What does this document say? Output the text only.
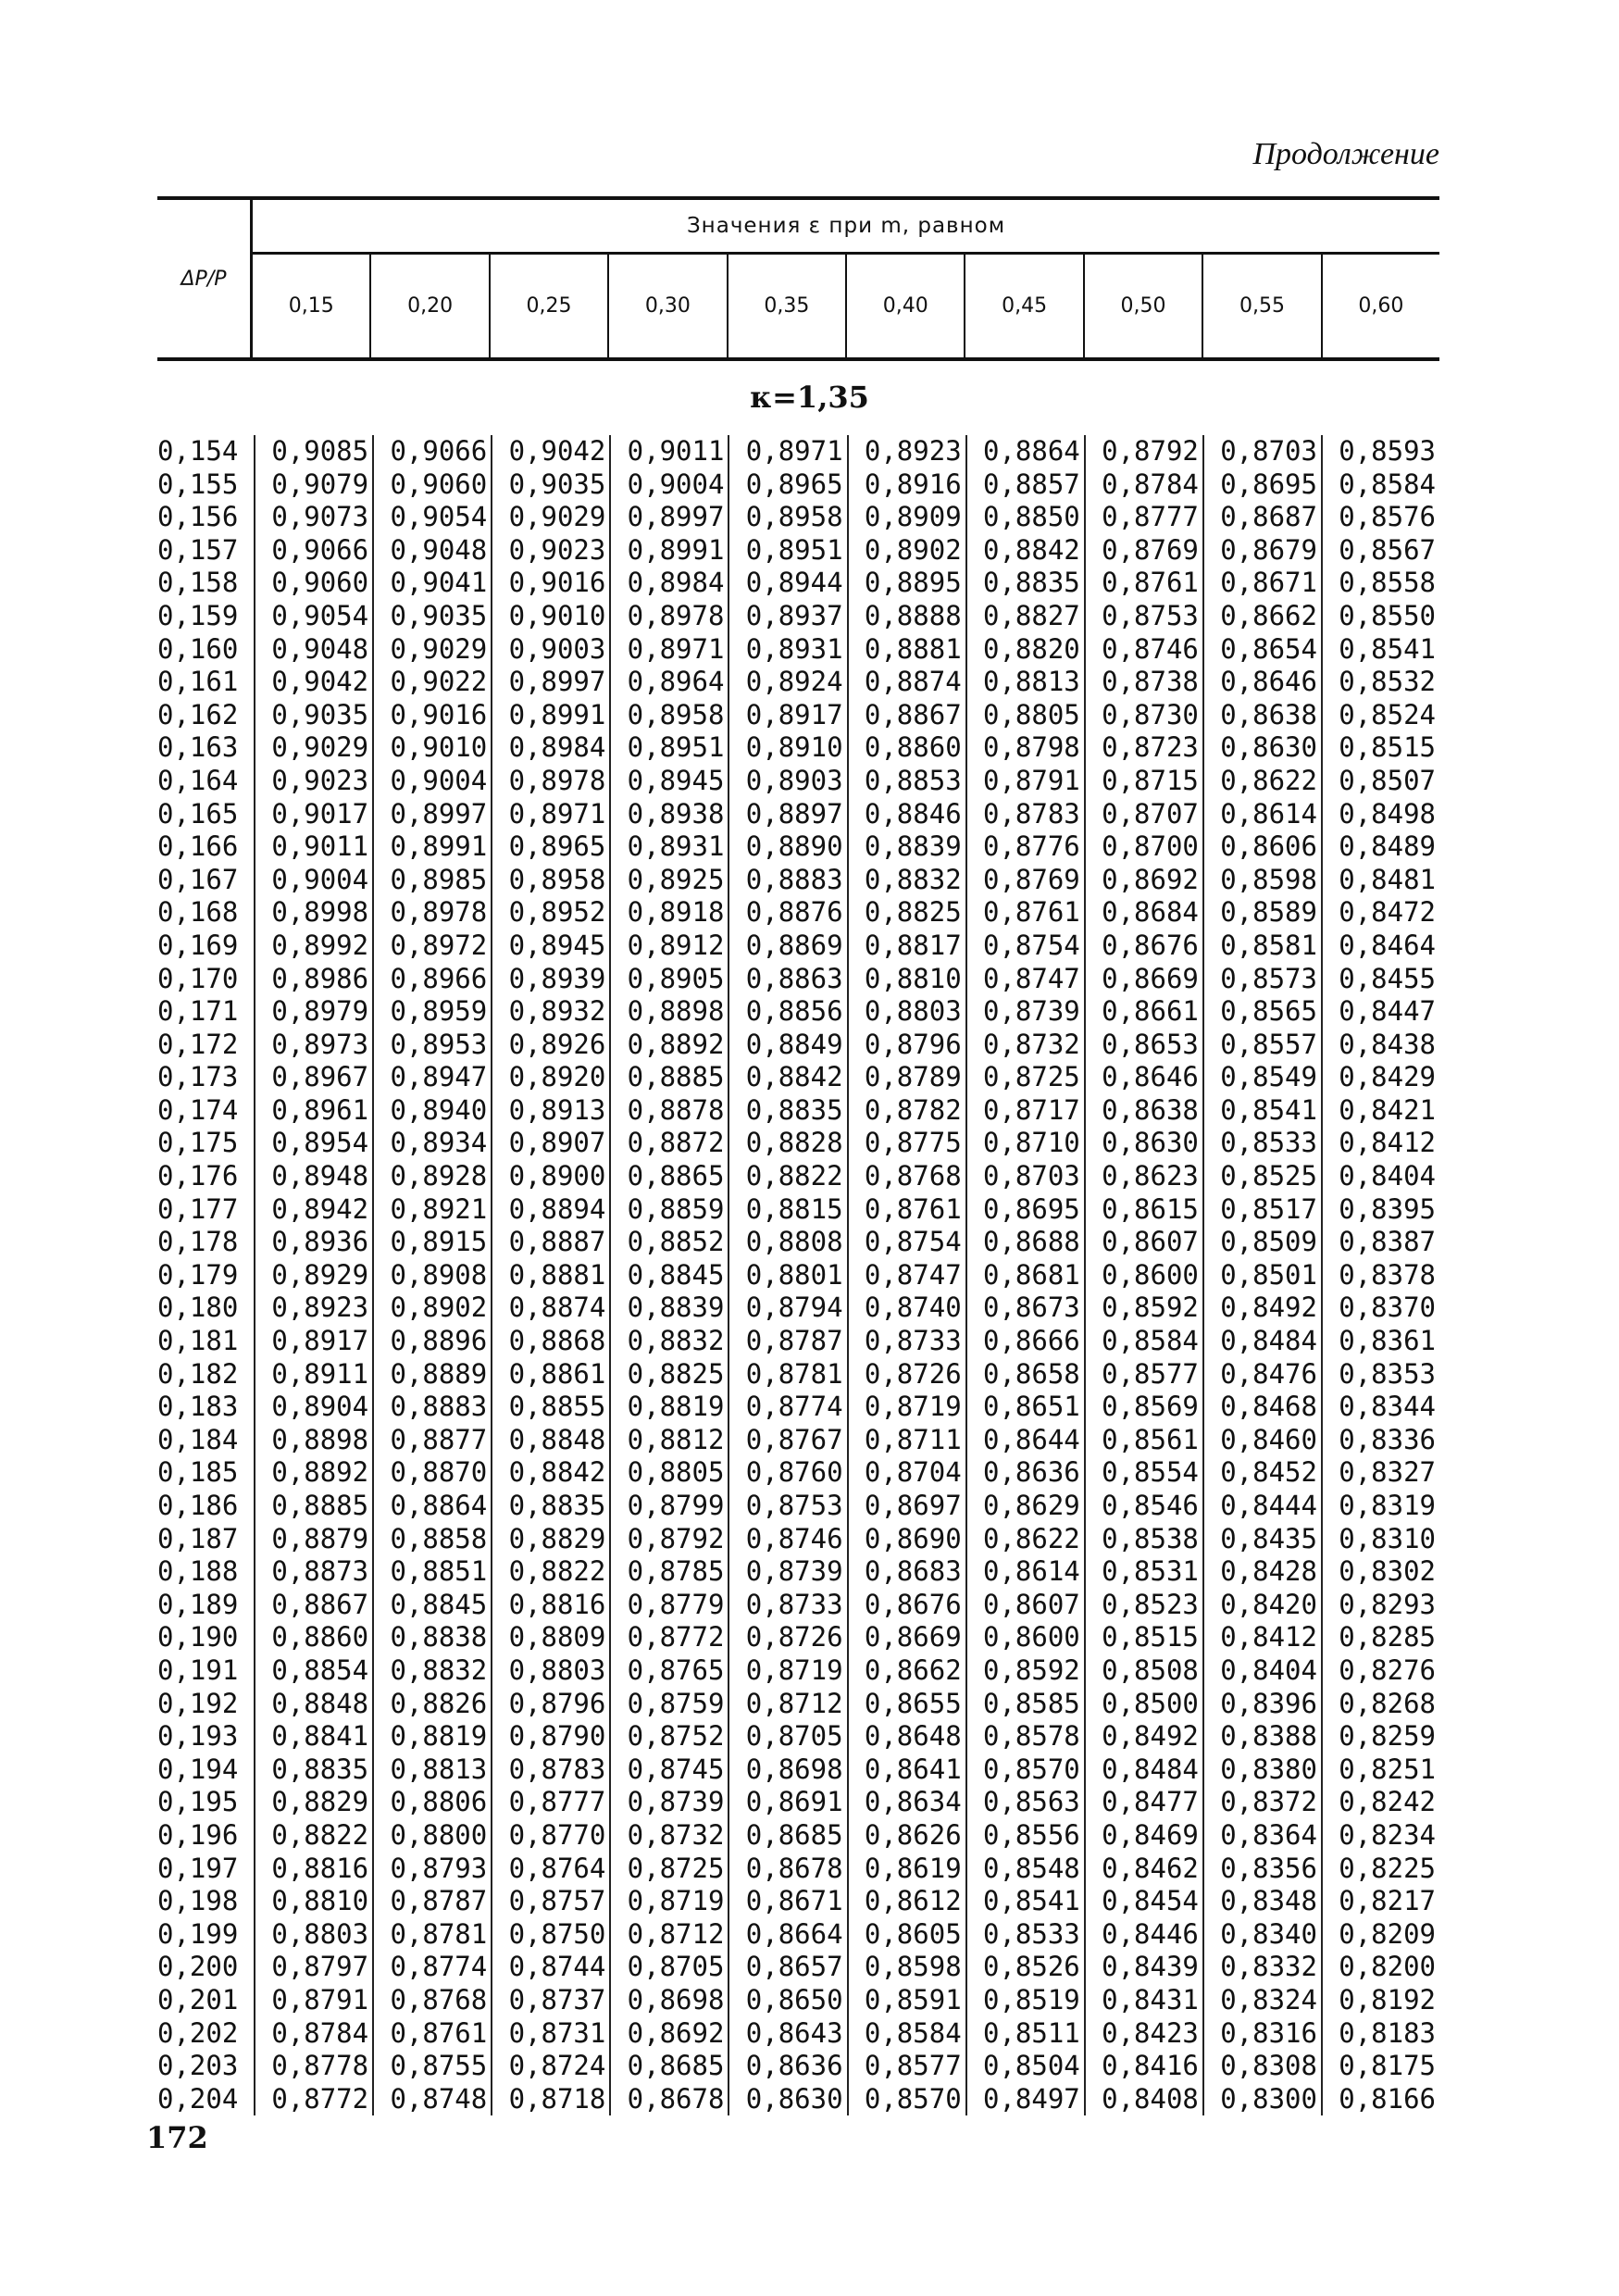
Продолжение
ΔP/P
Значения ε при m, равном
0,15	0,20	0,25	0,30	0,35	0,40	0,45	0,50	0,55	0,60
κ=1,35
0,154	0,9085	0,9066	0,9042	0,9011	0,8971	0,8923	0,8864	0,8792	0,8703	0,8593
0,155	0,9079	0,9060	0,9035	0,9004	0,8965	0,8916	0,8857	0,8784	0,8695	0,8584
0,156	0,9073	0,9054	0,9029	0,8997	0,8958	0,8909	0,8850	0,8777	0,8687	0,8576
0,157	0,9066	0,9048	0,9023	0,8991	0,8951	0,8902	0,8842	0,8769	0,8679	0,8567
0,158	0,9060	0,9041	0,9016	0,8984	0,8944	0,8895	0,8835	0,8761	0,8671	0,8558
0,159	0,9054	0,9035	0,9010	0,8978	0,8937	0,8888	0,8827	0,8753	0,8662	0,8550
0,160	0,9048	0,9029	0,9003	0,8971	0,8931	0,8881	0,8820	0,8746	0,8654	0,8541
0,161	0,9042	0,9022	0,8997	0,8964	0,8924	0,8874	0,8813	0,8738	0,8646	0,8532
0,162	0,9035	0,9016	0,8991	0,8958	0,8917	0,8867	0,8805	0,8730	0,8638	0,8524
0,163	0,9029	0,9010	0,8984	0,8951	0,8910	0,8860	0,8798	0,8723	0,8630	0,8515
0,164	0,9023	0,9004	0,8978	0,8945	0,8903	0,8853	0,8791	0,8715	0,8622	0,8507
0,165	0,9017	0,8997	0,8971	0,8938	0,8897	0,8846	0,8783	0,8707	0,8614	0,8498
0,166	0,9011	0,8991	0,8965	0,8931	0,8890	0,8839	0,8776	0,8700	0,8606	0,8489
0,167	0,9004	0,8985	0,8958	0,8925	0,8883	0,8832	0,8769	0,8692	0,8598	0,8481
0,168	0,8998	0,8978	0,8952	0,8918	0,8876	0,8825	0,8761	0,8684	0,8589	0,8472
0,169	0,8992	0,8972	0,8945	0,8912	0,8869	0,8817	0,8754	0,8676	0,8581	0,8464
0,170	0,8986	0,8966	0,8939	0,8905	0,8863	0,8810	0,8747	0,8669	0,8573	0,8455
0,171	0,8979	0,8959	0,8932	0,8898	0,8856	0,8803	0,8739	0,8661	0,8565	0,8447
0,172	0,8973	0,8953	0,8926	0,8892	0,8849	0,8796	0,8732	0,8653	0,8557	0,8438
0,173	0,8967	0,8947	0,8920	0,8885	0,8842	0,8789	0,8725	0,8646	0,8549	0,8429
0,174	0,8961	0,8940	0,8913	0,8878	0,8835	0,8782	0,8717	0,8638	0,8541	0,8421
0,175	0,8954	0,8934	0,8907	0,8872	0,8828	0,8775	0,8710	0,8630	0,8533	0,8412
0,176	0,8948	0,8928	0,8900	0,8865	0,8822	0,8768	0,8703	0,8623	0,8525	0,8404
0,177	0,8942	0,8921	0,8894	0,8859	0,8815	0,8761	0,8695	0,8615	0,8517	0,8395
0,178	0,8936	0,8915	0,8887	0,8852	0,8808	0,8754	0,8688	0,8607	0,8509	0,8387
0,179	0,8929	0,8908	0,8881	0,8845	0,8801	0,8747	0,8681	0,8600	0,8501	0,8378
0,180	0,8923	0,8902	0,8874	0,8839	0,8794	0,8740	0,8673	0,8592	0,8492	0,8370
0,181	0,8917	0,8896	0,8868	0,8832	0,8787	0,8733	0,8666	0,8584	0,8484	0,8361
0,182	0,8911	0,8889	0,8861	0,8825	0,8781	0,8726	0,8658	0,8577	0,8476	0,8353
0,183	0,8904	0,8883	0,8855	0,8819	0,8774	0,8719	0,8651	0,8569	0,8468	0,8344
0,184	0,8898	0,8877	0,8848	0,8812	0,8767	0,8711	0,8644	0,8561	0,8460	0,8336
0,185	0,8892	0,8870	0,8842	0,8805	0,8760	0,8704	0,8636	0,8554	0,8452	0,8327
0,186	0,8885	0,8864	0,8835	0,8799	0,8753	0,8697	0,8629	0,8546	0,8444	0,8319
0,187	0,8879	0,8858	0,8829	0,8792	0,8746	0,8690	0,8622	0,8538	0,8435	0,8310
0,188	0,8873	0,8851	0,8822	0,8785	0,8739	0,8683	0,8614	0,8531	0,8428	0,8302
0,189	0,8867	0,8845	0,8816	0,8779	0,8733	0,8676	0,8607	0,8523	0,8420	0,8293
0,190	0,8860	0,8838	0,8809	0,8772	0,8726	0,8669	0,8600	0,8515	0,8412	0,8285
0,191	0,8854	0,8832	0,8803	0,8765	0,8719	0,8662	0,8592	0,8508	0,8404	0,8276
0,192	0,8848	0,8826	0,8796	0,8759	0,8712	0,8655	0,8585	0,8500	0,8396	0,8268
0,193	0,8841	0,8819	0,8790	0,8752	0,8705	0,8648	0,8578	0,8492	0,8388	0,8259
0,194	0,8835	0,8813	0,8783	0,8745	0,8698	0,8641	0,8570	0,8484	0,8380	0,8251
0,195	0,8829	0,8806	0,8777	0,8739	0,8691	0,8634	0,8563	0,8477	0,8372	0,8242
0,196	0,8822	0,8800	0,8770	0,8732	0,8685	0,8626	0,8556	0,8469	0,8364	0,8234
0,197	0,8816	0,8793	0,8764	0,8725	0,8678	0,8619	0,8548	0,8462	0,8356	0,8225
0,198	0,8810	0,8787	0,8757	0,8719	0,8671	0,8612	0,8541	0,8454	0,8348	0,8217
0,199	0,8803	0,8781	0,8750	0,8712	0,8664	0,8605	0,8533	0,8446	0,8340	0,8209
0,200	0,8797	0,8774	0,8744	0,8705	0,8657	0,8598	0,8526	0,8439	0,8332	0,8200
0,201	0,8791	0,8768	0,8737	0,8698	0,8650	0,8591	0,8519	0,8431	0,8324	0,8192
0,202	0,8784	0,8761	0,8731	0,8692	0,8643	0,8584	0,8511	0,8423	0,8316	0,8183
0,203	0,8778	0,8755	0,8724	0,8685	0,8636	0,8577	0,8504	0,8416	0,8308	0,8175
0,204	0,8772	0,8748	0,8718	0,8678	0,8630	0,8570	0,8497	0,8408	0,8300	0,8166
172
